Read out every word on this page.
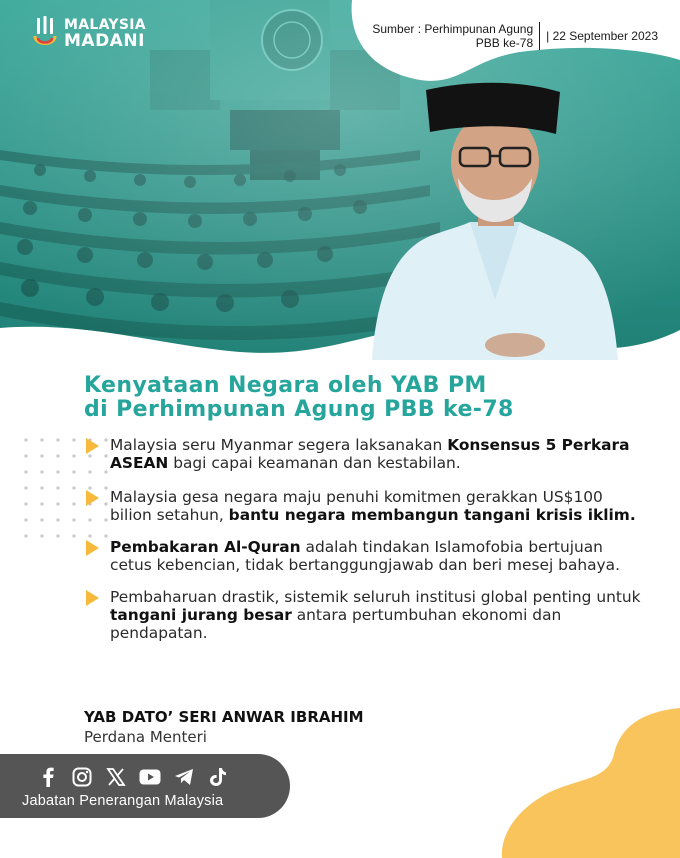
MALAYSIA
MADANI
Sumber : Perhimpunan Agung
PBB ke-78	| 22 September 2023
Kenyataan Negara oleh YAB PM
di Perhimpunan Agung PBB ke-78
Malaysia seru Myanmar segera laksanakan Konsensus 5 Perkara ASEAN bagi capai keamanan dan kestabilan.
Malaysia gesa negara maju penuhi komitmen gerakkan US$100 bilion setahun, bantu negara membangun tangani krisis iklim.
Pembakaran Al-Quran adalah tindakan Islamofobia bertujuan cetus kebencian, tidak bertanggungjawab dan beri mesej bahaya.
Pembaharuan drastik, sistemik seluruh institusi global penting untuk tangani jurang besar antara pertumbuhan ekonomi dan pendapatan.
YAB DATO’ SERI ANWAR IBRAHIM
Perdana Menteri
Jabatan Penerangan Malaysia
